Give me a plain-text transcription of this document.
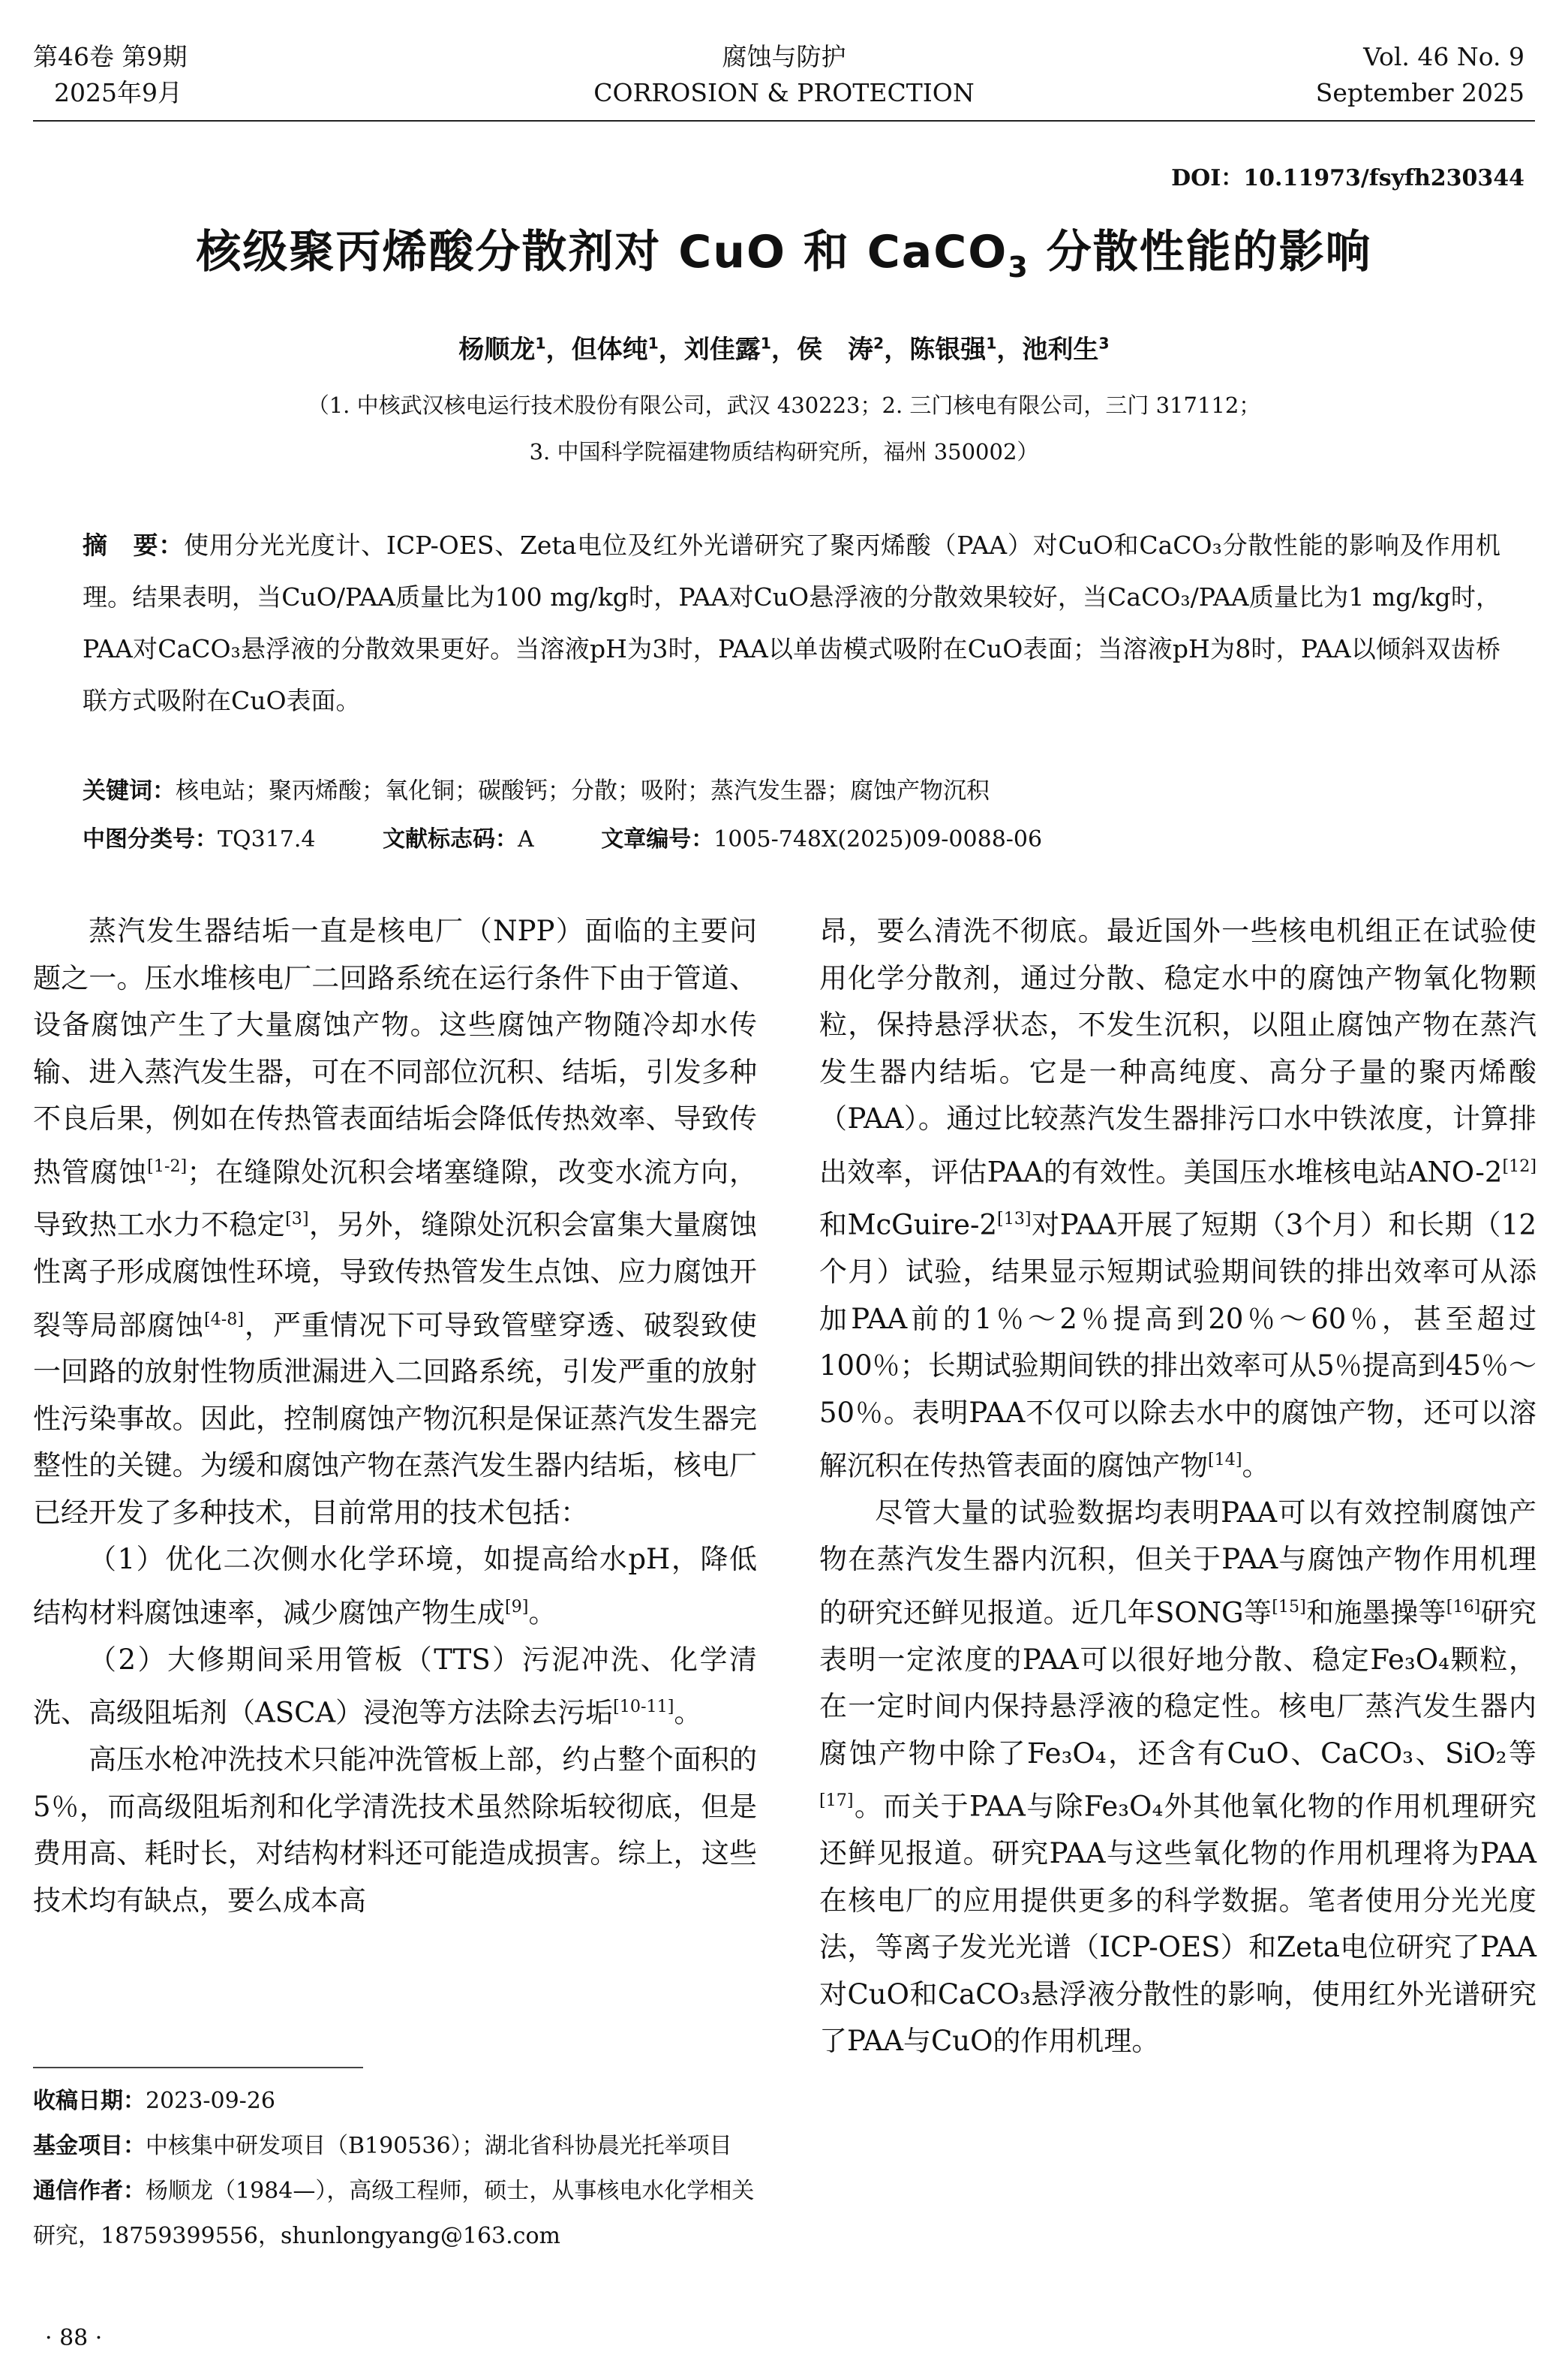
第46卷 第9期
2025年9月
腐蚀与防护
CORROSION & PROTECTION
Vol. 46 No. 9
September 2025
DOI：10.11973/fsyfh230344
核级聚丙烯酸分散剂对 CuO 和 CaCO$_3$ 分散性能的影响
杨顺龙$^1$，但体纯$^1$，刘佳露$^1$，侯　涛$^2$，陈银强$^1$，池利生$^3$
（1. 中核武汉核电运行技术股份有限公司，武汉 430223；2. 三门核电有限公司，三门 317112；
3. 中国科学院福建物质结构研究所，福州 350002）
摘　要：使用分光光度计、ICP-OES、Zeta电位及红外光谱研究了聚丙烯酸（PAA）对CuO和CaCO₃分散性能的影响及作用机理。结果表明，当CuO/PAA质量比为100 mg/kg时，PAA对CuO悬浮液的分散效果较好，当CaCO₃/PAA质量比为1 mg/kg时，PAA对CaCO₃悬浮液的分散效果更好。当溶液pH为3时，PAA以单齿模式吸附在CuO表面；当溶液pH为8时，PAA以倾斜双齿桥联方式吸附在CuO表面。
关键词：核电站；聚丙烯酸；氧化铜；碳酸钙；分散；吸附；蒸汽发生器；腐蚀产物沉积
中图分类号：TQ317.4	文献标志码：A	文章编号：1005-748X(2025)09-0088-06

蒸汽发生器结垢一直是核电厂（NPP）面临的主要问题之一。压水堆核电厂二回路系统在运行条件下由于管道、设备腐蚀产生了大量腐蚀产物。这些腐蚀产物随冷却水传输、进入蒸汽发生器，可在不同部位沉积、结垢，引发多种不良后果，例如在传热管表面结垢会降低传热效率、导致传热管腐蚀[1-2]；在缝隙处沉积会堵塞缝隙，改变水流方向，导致热工水力不稳定[3]，另外，缝隙处沉积会富集大量腐蚀性离子形成腐蚀性环境，导致传热管发生点蚀、应力腐蚀开裂等局部腐蚀[4-8]，严重情况下可导致管壁穿透、破裂致使一回路的放射性物质泄漏进入二回路系统，引发严重的放射性污染事故。因此，控制腐蚀产物沉积是保证蒸汽发生器完整性的关键。为缓和腐蚀产物在蒸汽发生器内结垢，核电厂已经开发了多种技术，目前常用的技术包括：

（1）优化二次侧水化学环境，如提高给水pH，降低结构材料腐蚀速率，减少腐蚀产物生成[9]。

（2）大修期间采用管板（TTS）污泥冲洗、化学清洗、高级阻垢剂（ASCA）浸泡等方法除去污垢[10-11]。

高压水枪冲洗技术只能冲洗管板上部，约占整个面积的5％，而高级阻垢剂和化学清洗技术虽然除垢较彻底，但是费用高、耗时长，对结构材料还可能造成损害。综上，这些技术均有缺点，要么成本高

昂，要么清洗不彻底。最近国外一些核电机组正在试验使用化学分散剂，通过分散、稳定水中的腐蚀产物氧化物颗粒，保持悬浮状态，不发生沉积，以阻止腐蚀产物在蒸汽发生器内结垢。它是一种高纯度、高分子量的聚丙烯酸（PAA）。通过比较蒸汽发生器排污口水中铁浓度，计算排出效率，评估PAA的有效性。美国压水堆核电站ANO-2[12]和McGuire-2[13]对PAA开展了短期（3个月）和长期（12个月）试验，结果显示短期试验期间铁的排出效率可从添加PAA前的1％～2％提高到20％～60％，甚至超过100％；长期试验期间铁的排出效率可从5％提高到45％～50％。表明PAA不仅可以除去水中的腐蚀产物，还可以溶解沉积在传热管表面的腐蚀产物[14]。

尽管大量的试验数据均表明PAA可以有效控制腐蚀产物在蒸汽发生器内沉积，但关于PAA与腐蚀产物作用机理的研究还鲜见报道。近几年SONG等[15]和施墨操等[16]研究表明一定浓度的PAA可以很好地分散、稳定Fe₃O₄颗粒，在一定时间内保持悬浮液的稳定性。核电厂蒸汽发生器内腐蚀产物中除了Fe₃O₄，还含有CuO、CaCO₃、SiO₂等[17]。而关于PAA与除Fe₃O₄外其他氧化物的作用机理研究还鲜见报道。研究PAA与这些氧化物的作用机理将为PAA在核电厂的应用提供更多的科学数据。笔者使用分光光度法，等离子发光光谱（ICP-OES）和Zeta电位研究了PAA对CuO和CaCO₃悬浮液分散性的影响，使用红外光谱研究了PAA与CuO的作用机理。

收稿日期：2023-09-26

基金项目：中核集中研发项目（B190536）；湖北省科协晨光托举项目

通信作者：杨顺龙（1984—），高级工程师，硕士，从事核电水化学相关研究，18759399556，shunlongyang@163.com

· 88 ·
